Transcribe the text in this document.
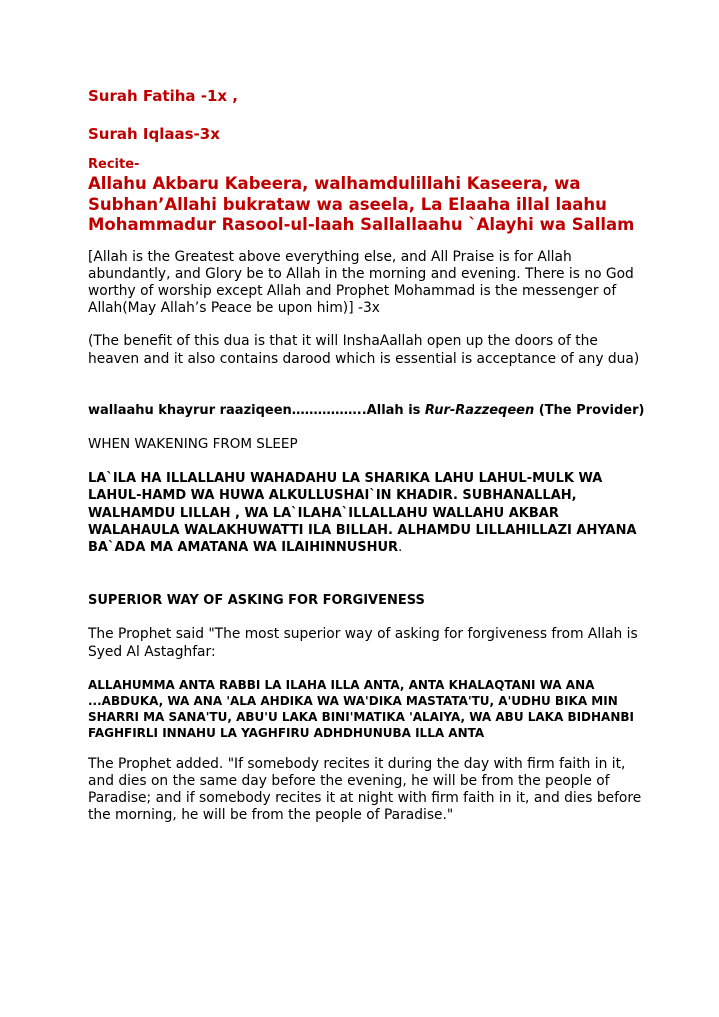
Surah Fatiha -1x ,

Surah Iqlaas-3x

Recite-

Allahu Akbaru Kabeera, walhamdulillahi Kaseera, wa Subhan’Allahi bukrataw wa aseela, La Elaaha illal laahu Mohammadur Rasool-ul-laah Sallallaahu `Alayhi wa Sallam

[Allah is the Greatest above everything else, and All Praise is for Allah abundantly, and Glory be to Allah in the morning and evening. There is no God worthy of worship except Allah and Prophet Mohammad is the messenger of Allah(May Allah’s Peace be upon him)] -3x

(The benefit of this dua is that it will InshaAallah open up the doors of the heaven and it also contains darood which is essential is acceptance of any dua)

wallaahu khayrur raaziqeen……………..Allah is Rur-Razzeqeen (The Provider)

WHEN WAKENING FROM SLEEP

LA`ILA HA ILLALLAHU WAHADAHU LA SHARIKA LAHU LAHUL-MULK WA LAHUL-HAMD WA HUWA ALKULLUSHAI`IN KHADIR. SUBHANALLAH, WALHAMDU LILLAH , WA LA`ILAHA`ILLALLAHU WALLAHU AKBAR WALAHAULA WALAKHUWATTI ILA BILLAH. ALHAMDU LILLAHILLAZI AHYANA BA`ADA MA AMATANA WA ILAIHINNUSHUR.

SUPERIOR WAY OF ASKING FOR FORGIVENESS

The Prophet said "The most superior way of asking for forgiveness from Allah is
Syed Al Astaghfar:

ALLAHUMMA ANTA RABBI LA ILAHA ILLA ANTA, ANTA KHALAQTANI WA ANA ...ABDUKA, WA ANA 'ALA AHDIKA WA WA'DIKA MASTATA'TU, A'UDHU BIKA MIN SHARRI MA SANA'TU, ABU'U LAKA BINI'MATIKA 'ALAIYA, WA ABU LAKA BIDHANBI FAGHFIRLI INNAHU LA YAGHFIRU ADHDHUNUBA ILLA ANTA

The Prophet added. "If somebody recites it during the day with firm faith in it, and dies on the same day before the evening, he will be from the people of Paradise; and if somebody recites it at night with firm faith in it, and dies before the morning, he will be from the people of Paradise."
